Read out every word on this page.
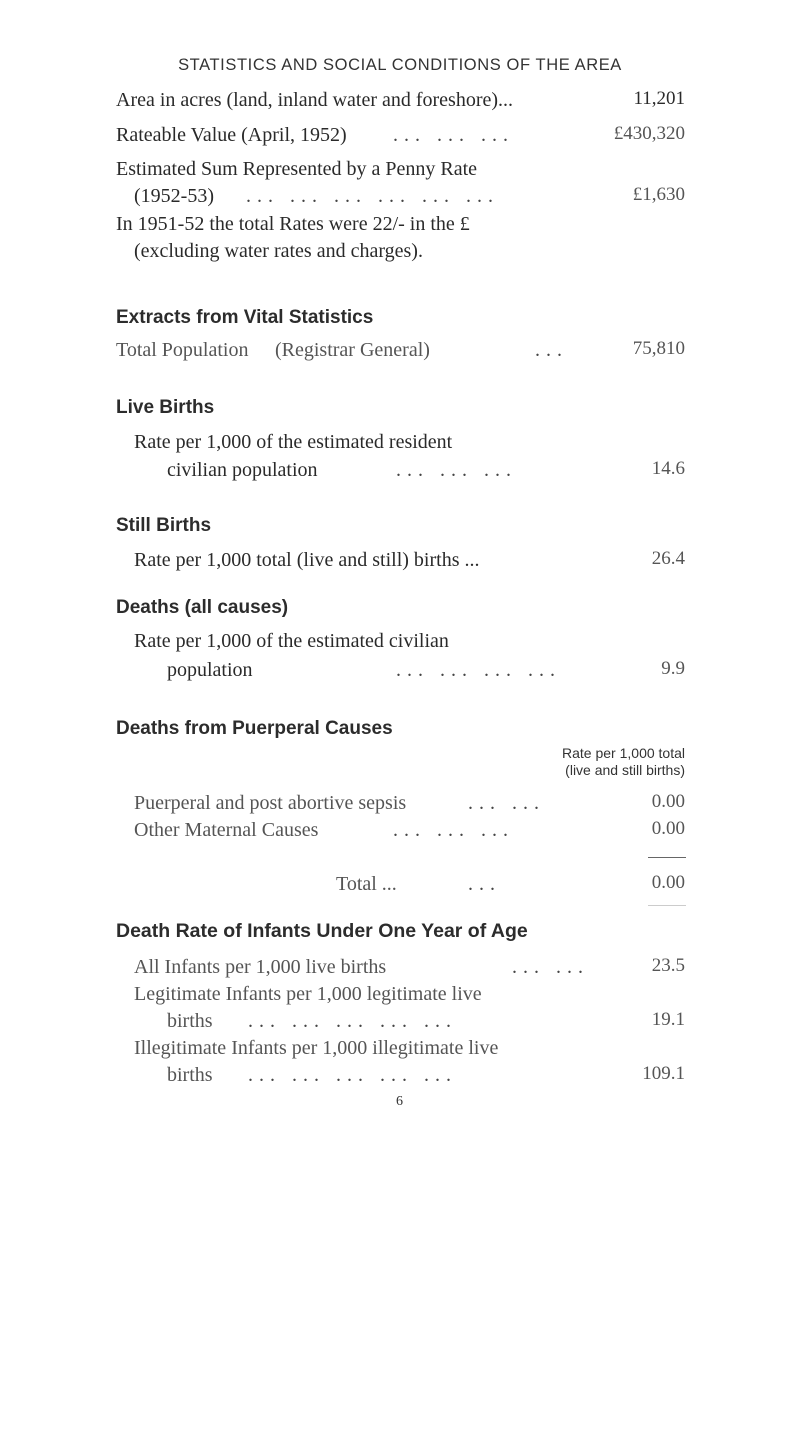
STATISTICS AND SOCIAL CONDITIONS OF THE AREA
Area in acres (land, inland water and foreshore)...	11,201
Rateable Value (April, 1952) ... ... ...	£430,320
Estimated Sum Represented by a Penny Rate
(1952-53) ... ... ... ... ... ...	£1,630
In 1951-52 the total Rates were 22/- in the £
(excluding water rates and charges).
Extracts from Vital Statistics
Total Population (Registrar General)	...	75,810
Live Births
Rate per 1,000 of the estimated resident
civilian population	... ... ...	14.6
Still Births
Rate per 1,000 total (live and still) births ...	26.4
Deaths (all causes)
Rate per 1,000 of the estimated civilian
population	... ... ... ...	9.9
Deaths from Puerperal Causes
Rate per 1,000 total
(live and still births)
Puerperal and post abortive sepsis	... ...	0.00
Other Maternal Causes	... ... ...	0.00
Total ...	...	0.00
Death Rate of Infants Under One Year of Age
All Infants per 1,000 live births	... ...	23.5
Legitimate Infants per 1,000 legitimate live
births ... ... ... ... ...	19.1
Illegitimate Infants per 1,000 illegitimate live
births ... ... ... ... ...	109.1
6
